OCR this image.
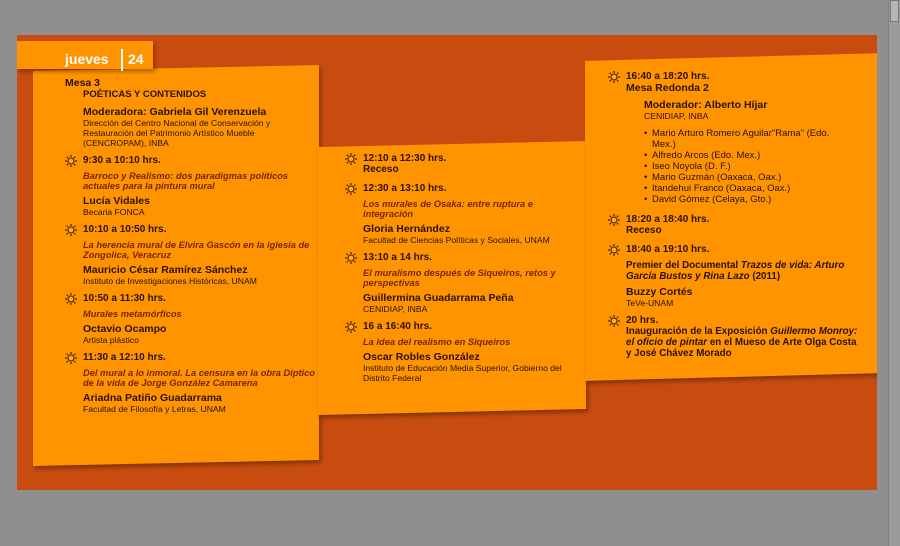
jueves 24
Mesa 3
POÉTICAS Y CONTENIDOS
Moderadora: Gabriela Gil Verenzuela
Dirección del Centro Nacional de Conservación y Restauración del Patrimonio Artístico Mueble (CENCROPAM), INBA
9:30 a 10:10 hrs.
Barroco y Realismo: dos paradigmas políticos actuales para la pintura mural
Lucía Vidales
Becaria FONCA
10:10 a 10:50 hrs.
La herencia mural de Elvira Gascón en la iglesia de Zongolica, Veracruz
Mauricio César Ramírez Sánchez
Instituto de Investigaciones Históricas, UNAM
10:50 a 11:30 hrs.
Murales metamórficos
Octavio Ocampo
Artista plástico
11:30 a 12:10 hrs.
Del mural a lo inmoral. La censura en la obra Díptico de la vida de Jorge González Camarena
Ariadna Patiño Guadarrama
Facultad de Filosofía y Letras, UNAM
12:10 a 12:30 hrs.
Receso
12:30 a 13:10 hrs.
Los murales de Osaka: entre ruptura e integración
Gloria Hernández
Facultad de Ciencias Políticas y Sociales, UNAM
13:10 a 14 hrs.
El muralismo después de Siqueiros, retos y perspectivas
Guillermina Guadarrama Peña
CENIDIAP, INBA
16 a 16:40 hrs.
La idea del realismo en Siqueiros
Oscar Robles González
Instituto de Educación Media Superior, Gobierno del Distrito Federal
16:40 a 18:20 hrs.
Mesa Redonda 2
Moderador: Alberto Híjar
CENIDIAP, INBA
• Mario Arturo Romero Aguilar"Rama" (Edo. Mex.)
• Alfredo Arcos (Edo. Mex.)
• Iseo Noyola (D. F.)
• Mario Guzmán (Oaxaca, Oax.)
• Itandehui Franco (Oaxaca, Oax.)
• David Gómez (Celaya, Gto.)
18:20 a 18:40 hrs.
Receso
18:40 a 19:10 hrs.
Premier del Documental Trazos de vida: Arturo García Bustos y Rina Lazo (2011)
Buzzy Cortés
TeVe-UNAM
20 hrs.
Inauguración de la Exposición Guillermo Monroy: el oficio de pintar en el Mueso de Arte Olga Costa y José Chávez Morado
